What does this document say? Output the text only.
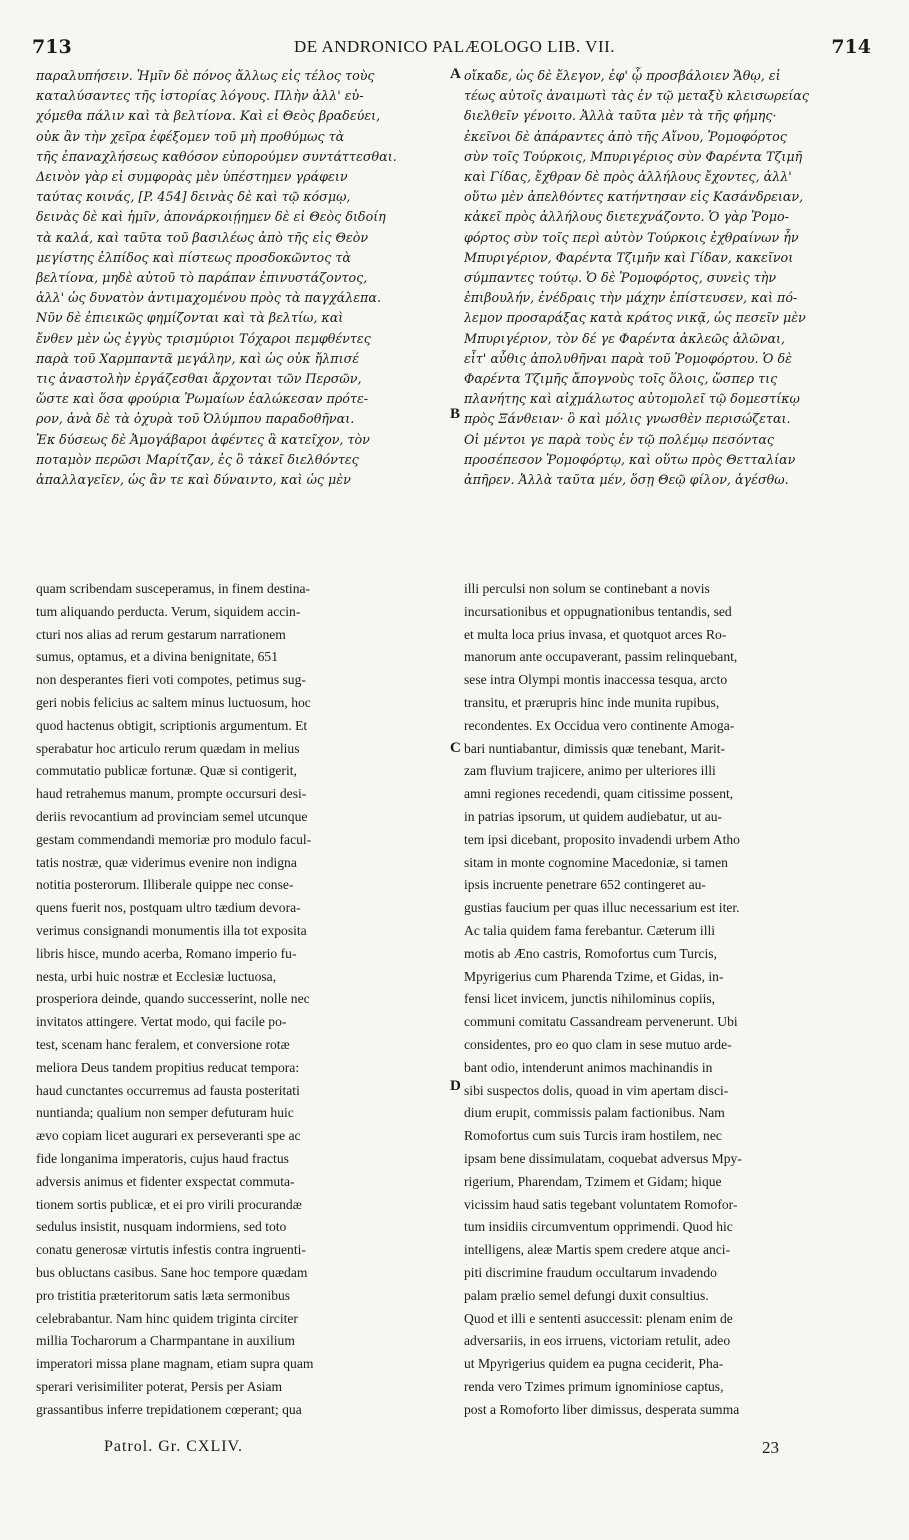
713	DE ANDRONICO PALÆOLOGO LIB. VII.	714
παραλυπήσειν. Ἡμῖν δὲ πόνος ἄλλως εἰς τέλος τοὺς
καταλύσαντες τῆς ἱστορίας λόγους. Πλὴν ἀλλ' εὐ-
χόμεθα πάλιν καὶ τὰ βελτίονα. Καὶ εἰ Θεὸς βραδεύει,
οὐκ ἂν τὴν χεῖρα ἐφέξομεν τοῦ μὴ προθύμως τὰ
τῆς ἐπαναχλήσεως καθόσον εὐπορούμεν συντάττεσθαι.
Δεινὸν γὰρ εἰ συμφορὰς μὲν ὑπέστημεν γράφειν
ταύτας κοινάς, [P. 454] δεινὰς δὲ καὶ τῷ κόσμῳ,
δεινὰς δὲ καὶ ἡμῖν, ἀπονάρκοιῄημεν δὲ εἰ Θεὸς διδοίη
τὰ καλά, καὶ ταῦτα τοῦ βασιλέως ἀπὸ τῆς εἰς Θεὸν
μεγίστης ἐλπίδος καὶ πίστεως προσδοκῶντος τὰ
βελτίονα, μηδὲ αὐτοῦ τὸ παράπαν ἐπινυστάζοντος,
ἀλλ' ὡς δυνατὸν ἀντιμαχομένου πρὸς τὰ παγχάλεπα.
Νῦν δὲ ἐπιεικῶς φημίζονται καὶ τὰ βελτίω, καὶ
ἔνθεν μὲν ὡς ἐγγὺς τρισμύριοι Τόχαροι πεμφθέντες
παρὰ τοῦ Χαρμπαντᾶ μεγάλην, καὶ ὡς οὐκ ἤλπισέ
τις ἀναστολὴν ἐργάζεσθαι ἄρχονται τῶν Περσῶν,
ὥστε καὶ ὅσα φρούρια Ῥωμαίων ἑαλώκεσαν πρότε-
ρον, ἀνὰ δὲ τὰ ὀχυρὰ τοῦ Ὀλύμπου παραδοθῆναι.
Ἐκ δύσεως δὲ Ἀμογάβαροι ἀφέντες ἃ κατεῖχον, τὸν
ποταμὸν περῶσι Μαρίτζαν, ἐς ὃ τἀκεῖ διελθόντες
ἀπαλλαγεῖεν, ὡς ἂν τε καὶ δύναιντο, καὶ ὡς μὲν
οἴκαδε, ὡς δὲ ἔλεγον, ἐφ' ᾧ προσβάλοιεν Ἄθῳ, εἰ
τέως αὐτοῖς ἀναιμωτὶ τὰς ἐν τῷ μεταξὺ κλεισωρείας
διελθεῖν γένοιτο. Ἀλλὰ ταῦτα μὲν τὰ τῆς φήμης·
ἐκεῖνοι δὲ ἀπάραντες ἀπὸ τῆς Αἴνου, Ῥομοφόρτος
σὺν τοῖς Τούρκοις, Μπυριγέριος σὺν Φαρέντα Τζιμῆ
καὶ Γίδας, ἔχθραν δὲ πρὸς ἀλλήλους ἔχοντες, ἀλλ'
οὕτω μὲν ἀπελθόντες κατήντησαν εἰς Κασάνδρειαν,
κἀκεῖ πρὸς ἀλλήλους διετεχνάζοντο. Ὁ γὰρ Ῥομο-
φόρτος σὺν τοῖς περὶ αὐτὸν Τούρκοις ἐχθραίνων ἦν
Μπυριγέριον, Φαρέντα Τζιμῆν καὶ Γίδαν, κακεῖνοι
σύμπαντες τούτῳ. Ὁ δὲ Ῥομοφόρτος, συνεὶς τὴν
ἐπιβουλήν, ἐνέδραις τὴν μάχην ἐπίστευσεν, καὶ πό-
λεμον προσαράξας κατὰ κράτος νικᾷ, ὡς πεσεῖν μὲν
Μπυριγέριον, τὸν δέ γε Φαρέντα ἀκλεῶς ἁλῶναι,
εἶτ' αὖθις ἀπολυθῆναι παρὰ τοῦ Ῥομοφόρτου. Ὁ δὲ
Φαρέντα Τζιμῆς ἄπογνοὺς τοῖς ὅλοις, ὥσπερ τις
πλανήτης καὶ αἰχμάλωτος αὐτομολεῖ τῷ δομεστίκῳ
πρὸς Ξάνθειαν· ὃ καὶ μόλις γνωσθὲν περισώζεται.
Οἱ μέντοι γε παρὰ τοὺς ἐν τῷ πολέμῳ πεσόντας
προσέπεσον Ῥομοφόρτῳ, καὶ οὕτω πρὸς Θετταλίαν
ἀπῆρεν. Ἀλλὰ ταῦτα μέν, ὅσῃ Θεῷ φίλον, ἀγέσθω.
quam scribendam susceperamus, in finem destina-
tum aliquando perducta. Verum, siquidem accin-
cturi nos alias ad rerum gestarum narrationem
sumus, optamus, et a divina benignitate, 651
non desperantes fieri voti compotes, petimus sug-
geri nobis felicius ac saltem minus luctuosum, hoc
quod hactenus obtigit, scriptionis argumentum. Et
sperabatur hoc articulo rerum quædam in melius
commutatio publicæ fortunæ. Quæ si contigerit,
haud retrahemus manum, prompte occursuri desi-
deriis revocantium ad provinciam semel utcunque
gestam commendandi memoriæ pro modulo facul-
tatis nostræ, quæ viderimus evenire non indigna
notitia posterorum. Illiberale quippe nec conse-
quens fuerit nos, postquam ultro tædium devora-
verimus consignandi monumentis illa tot exposita
libris hisce, mundo acerba, Romano imperio fu-
nesta, urbi huic nostræ et Ecclesiæ luctuosa,
prosperiora deinde, quando successerint, nolle nec
invitatos attingere. Vertat modo, qui facile po-
test, scenam hanc feralem, et conversione rotæ
meliora Deus tandem propitius reducat tempora:
haud cunctantes occurremus ad fausta posteritati
nuntianda; qualium non semper defuturam huic
ævo copiam licet augurari ex perseveranti spe ac
fide longanima imperatoris, cujus haud fractus
adversis animus et fidenter exspectat commuta-
tionem sortis publicæ, et ei pro virili procurandæ
sedulus insistit, nusquam indormiens, sed toto
conatu generosæ virtutis infestis contra ingruenti-
bus obluctans casibus. Sane hoc tempore quædam
pro tristitia præteritorum satis læta sermonibus
celebrabantur. Nam hinc quidem triginta circiter
millia Tocharorum a Charmpantane in auxilium
imperatori missa plane magnam, etiam supra quam
sperari verisimiliter poterat, Persis per Asiam
grassantibus inferre trepidationem cœperant; qua
illi perculsi non solum se continebant a novis
incursationibus et oppugnationibus tentandis, sed
et multa loca prius invasa, et quotquot arces Ro-
manorum ante occupaverant, passim relinquebant,
sese intra Olympi montis inaccessa tesqua, arcto
transitu, et prærupris hinc inde munita rupibus,
recondentes. Ex Occidua vero continente Amoga-
bari nuntiabantur, dimissis quæ tenebant, Marit-
zam fluvium trajicere, animo per ulteriores illi
amni regiones recedendi, quam citissime possent,
in patrias ipsorum, ut quidem audiebatur, ut au-
tem ipsi dicebant, proposito invadendi urbem Atho
sitam in monte cognomine Macedoniæ, si tamen
ipsis incruente penetrare 652 contingeret au-
gustias faucium per quas illuc necessarium est iter.
Ac talia quidem fama ferebantur. Cæterum illi
motis ab Æno castris, Romofortus cum Turcis,
Mpyrigerius cum Pharenda Tzime, et Gidas, in-
fensi licet invicem, junctis nihilominus copiis,
communi comitatu Cassandream pervenerunt. Ubi
considentes, pro eo quo clam in sese mutuo arde-
bant odio, intenderunt animos machinandis in
sibi suspectos dolis, quoad in vim apertam disci-
dium erupit, commissis palam factionibus. Nam
Romofortus cum suis Turcis iram hostilem, nec
ipsam bene dissimulatam, coquebat adversus Mpy-
rigerium, Pharendam, Tzimem et Gidam; hique
vicissim haud satis tegebant voluntatem Romofor-
tum insidiis circumventum opprimendi. Quod hic
intelligens, aleæ Martis spem credere atque anci-
piti discrimine fraudum occultarum invadendo
palam prælio semel defungi duxit consultius.
Quod et illi e sententi asuccessit: plenam enim de
adversariis, in eos irruens, victoriam retulit, adeo
ut Mpyrigerius quidem ea pugna ceciderit, Pha-
renda vero Tzimes primum ignominiose captus,
post a Romoforto liber dimissus, desperata summa
A
B
C
D
Patrol. Gr. CXLIV.	23
